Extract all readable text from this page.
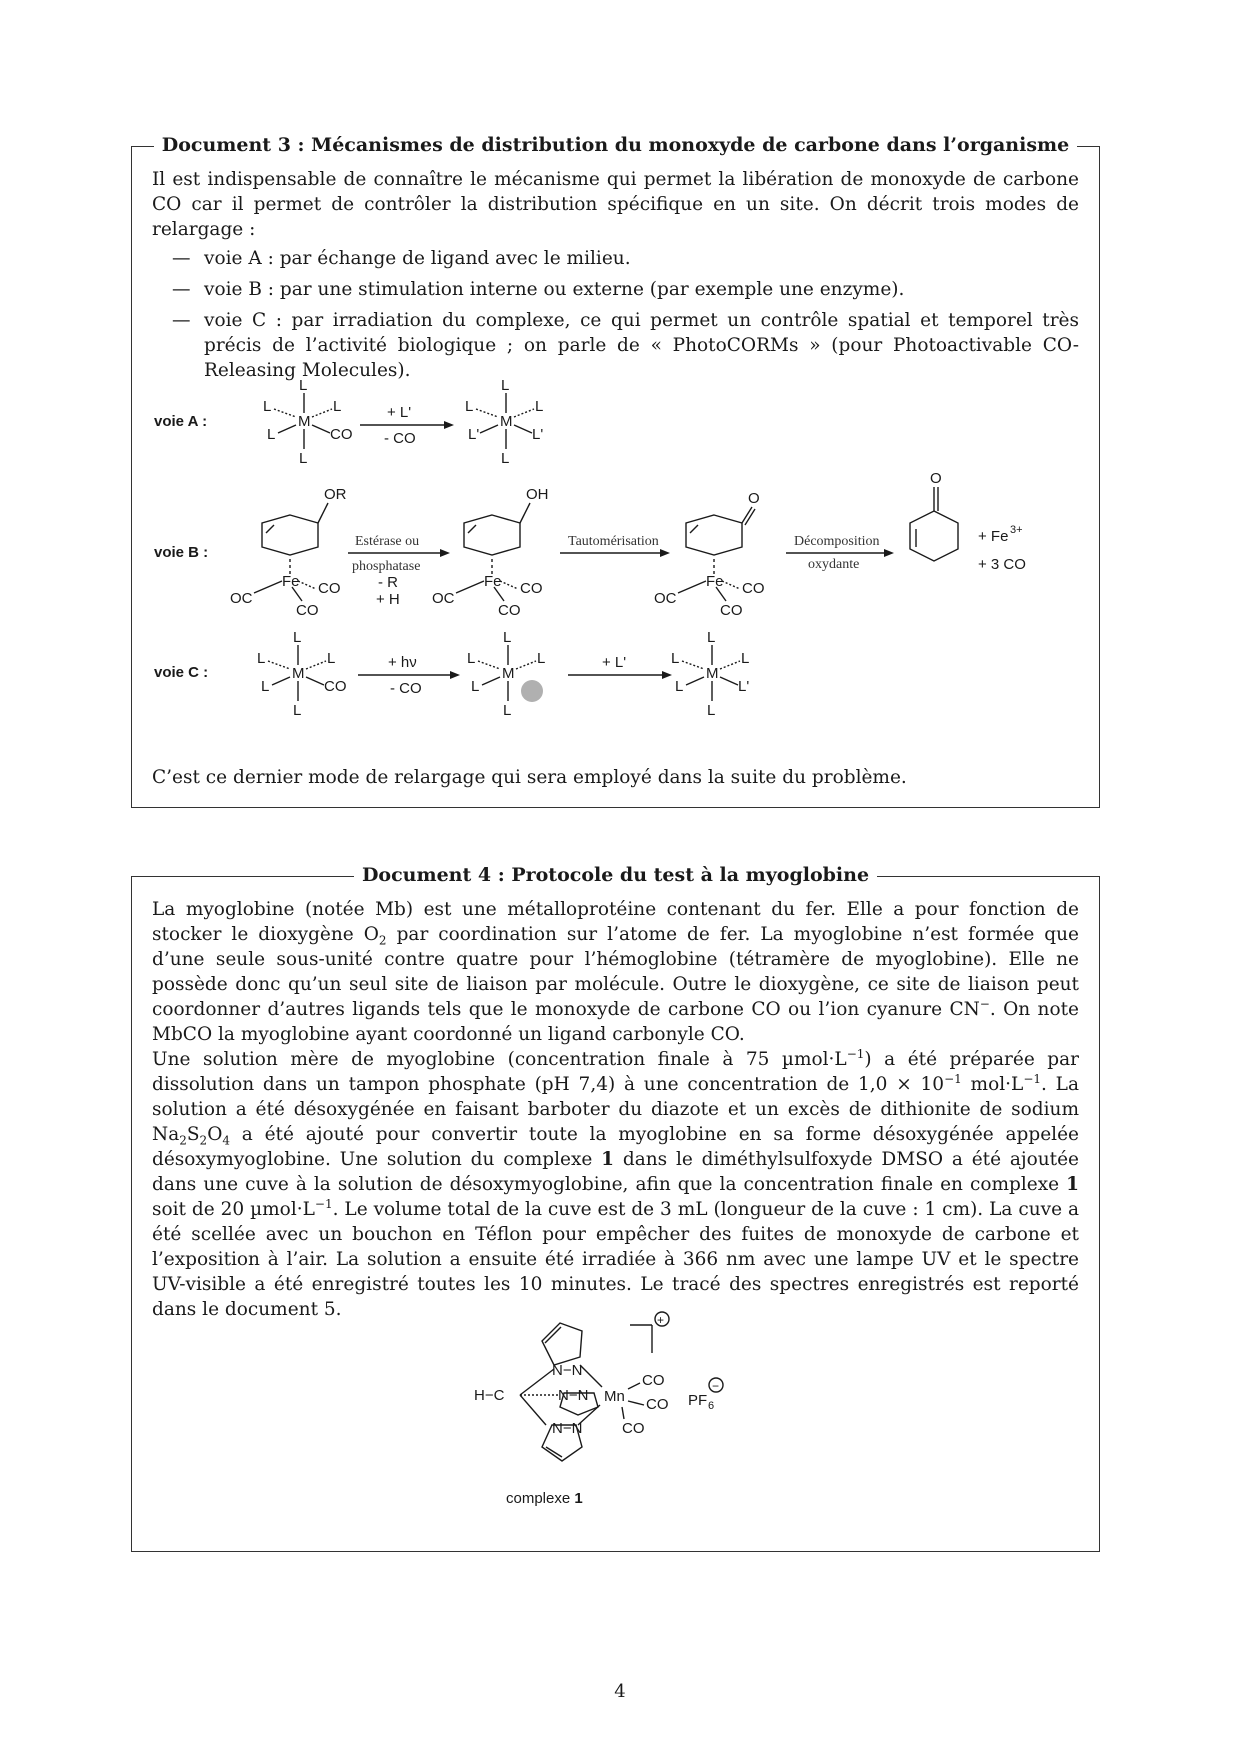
Document 3 : Mécanismes de distribution du monoxyde de carbone dans l’organisme
Il est indispensable de connaître le mécanisme qui permet la libération de monoxyde de carbone CO car il permet de contrôler la distribution spécifique en un site. On décrit trois modes de relargage :
— voie A : par échange de ligand avec le milieu.
— voie B : par une stimulation interne ou externe (par exemple une enzyme).
— voie C : par irradiation du complexe, ce qui permet un contrôle spatial et temporel très précis de l’activité biologique ; on parle de « PhotoCORMs » (pour Photoactivable CO-Releasing Molecules).
voie A :
L
L	L
M
L	CO
L
+ L'
- CO
L
L	L
M
L'	L'
L
voie B :
OR
Fe
OC
CO
CO
Estérase ou
phosphatase
- R
+ H
OH
Fe
OC
CO
CO
Tautomérisation
O
Fe
OC
CO
CO
Décomposition
oxydante
O
+ Fe 3+
+ 3 CO
voie C :
L
L	L
M
L	CO
L
+ hν
- CO
L
L	L
M
L
L
+ L'
L
L	L
M
L	L'
L
C’est ce dernier mode de relargage qui sera employé dans la suite du problème.
Document 4 : Protocole du test à la myoglobine
La myoglobine (notée Mb) est une métalloprotéine contenant du fer. Elle a pour fonction de stocker le dioxygène $O_2$ par coordination sur l’atome de fer. La myoglobine n’est formée que d’une seule sous-unité contre quatre pour l’hémoglobine (tétramère de myoglobine). Elle ne possède donc qu’un seul site de liaison par molécule. Outre le dioxygène, ce site de liaison peut coordonner d’autres ligands tels que le monoxyde de carbone CO ou l’ion cyanure CN−. On note MbCO la myoglobine ayant coordonné un ligand carbonyle CO.
Une solution mère de myoglobine (concentration finale à 75 $\mu mol\cdot L^{-1}$) a été préparée par dissolution dans un tampon phosphate (pH 7,4) à une concentration de $1,0 \times 10^{-1}$ $mol\cdot L^{-1}$. La solution a été désoxygénée en faisant barboter du diazote et un excès de dithionite de sodium $Na_2S_2O_4$ a été ajouté pour convertir toute la myoglobine en sa forme désoxygénée appelée désoxymyoglobine. Une solution du complexe 1 dans le diméthylsulfoxyde DMSO a été ajoutée dans une cuve à la solution de désoxymyoglobine, afin que la concentration finale en complexe 1 soit de 20 $\mu mol\cdot L^{-1}$. Le volume total de la cuve est de 3 mL (longueur de la cuve : 1 cm). La cuve a été scellée avec un bouchon en Téflon pour empêcher des fuites de monoxyde de carbone et l’exposition à l’air. La solution a ensuite été irradiée à 366 nm avec une lampe UV et le spectre UV-visible a été enregistré toutes les 10 minutes. Le tracé des spectres enregistrés est reporté dans le document 5.
H−C
N−N
N−N
N−N
Mn
CO
CO
CO
PF 6
+
−
complexe 1
4
